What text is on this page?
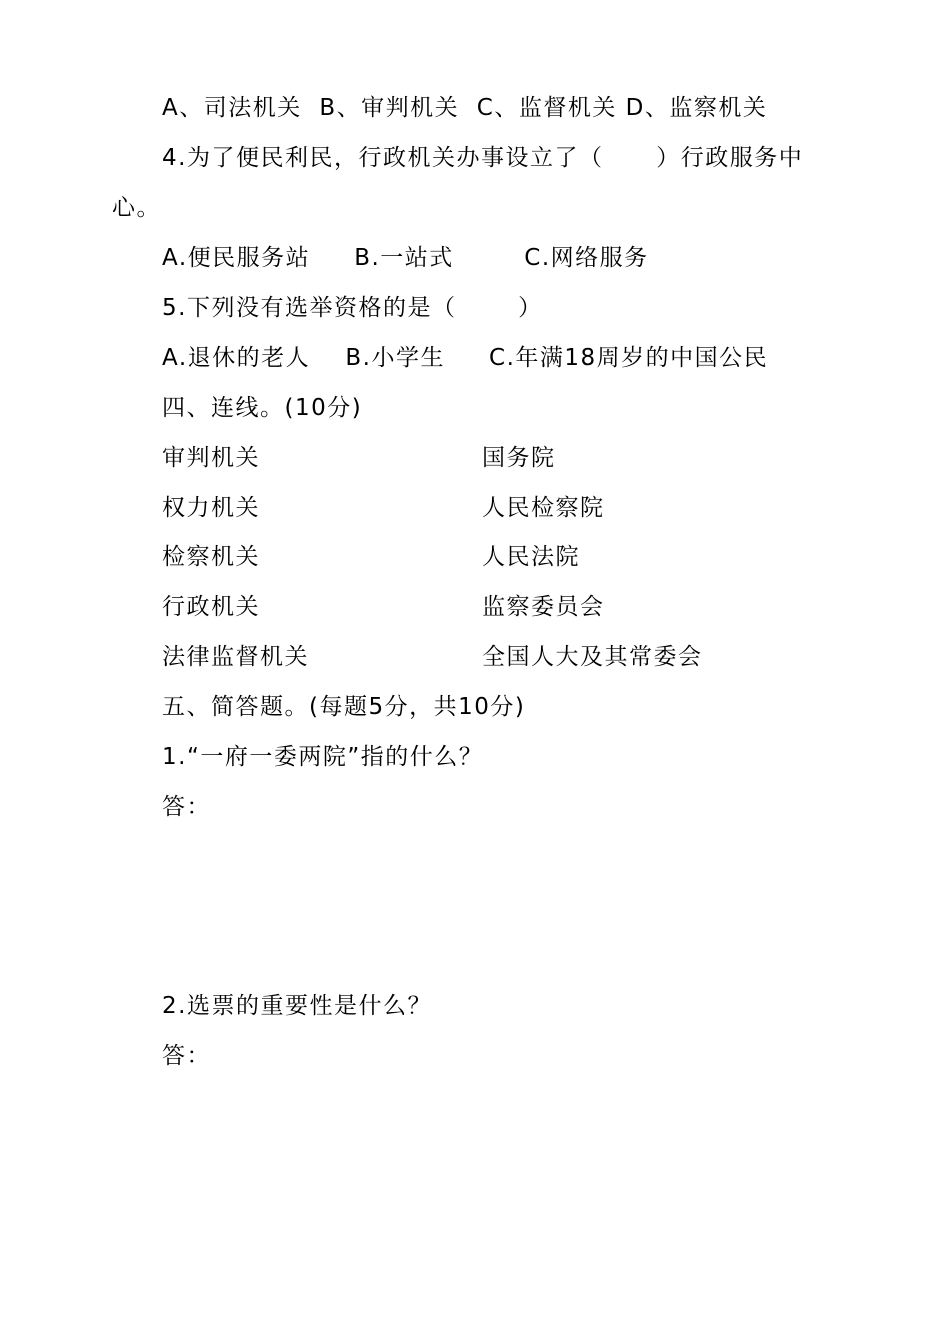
A、司法机关  B、审判机关  C、监督机关 D、监察机关
4.为了便民利民，行政机关办事设立了（      ）行政服务中
心。
A.便民服务站     B.一站式        C.网络服务
5.下列没有选举资格的是（       ）
A.退休的老人    B.小学生     C.年满18周岁的中国公民
四、连线。(10分)
审判机关	国务院
权力机关	人民检察院
检察机关	人民法院
行政机关	监察委员会
法律监督机关	全国人大及其常委会
五、简答题。(每题5分，共10分)
1.“一府一委两院”指的什么？
答：
2.选票的重要性是什么？
答：
